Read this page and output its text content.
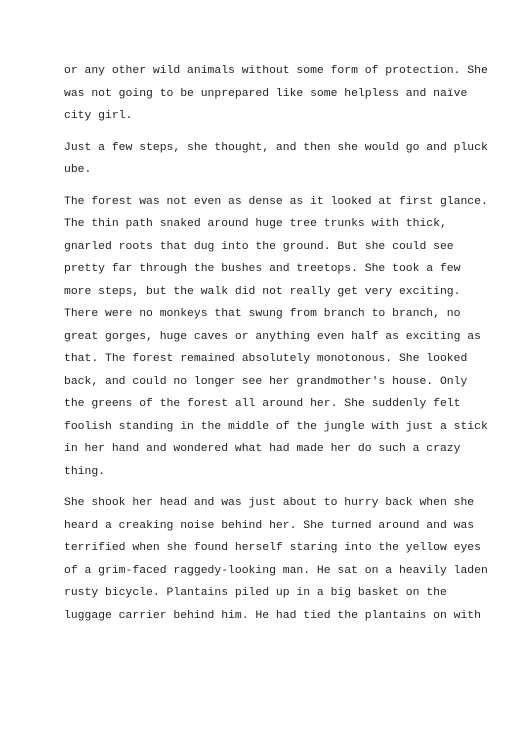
or any other wild animals without some form of protection. She
was not going to be unprepared like some helpless and naïve
city girl.

Just a few steps, she thought, and then she would go and pluck
ube.

The forest was not even as dense as it looked at first glance.
The thin path snaked around huge tree trunks with thick,
gnarled roots that dug into the ground. But she could see
pretty far through the bushes and treetops. She took a few
more steps, but the walk did not really get very exciting.
There were no monkeys that swung from branch to branch, no
great gorges, huge caves or anything even half as exciting as
that. The forest remained absolutely monotonous. She looked
back, and could no longer see her grandmother's house. Only
the greens of the forest all around her. She suddenly felt
foolish standing in the middle of the jungle with just a stick
in her hand and wondered what had made her do such a crazy
thing.

She shook her head and was just about to hurry back when she
heard a creaking noise behind her. She turned around and was
terrified when she found herself staring into the yellow eyes
of a grim-faced raggedy-looking man. He sat on a heavily laden
rusty bicycle. Plantains piled up in a big basket on the
luggage carrier behind him. He had tied the plantains on with
